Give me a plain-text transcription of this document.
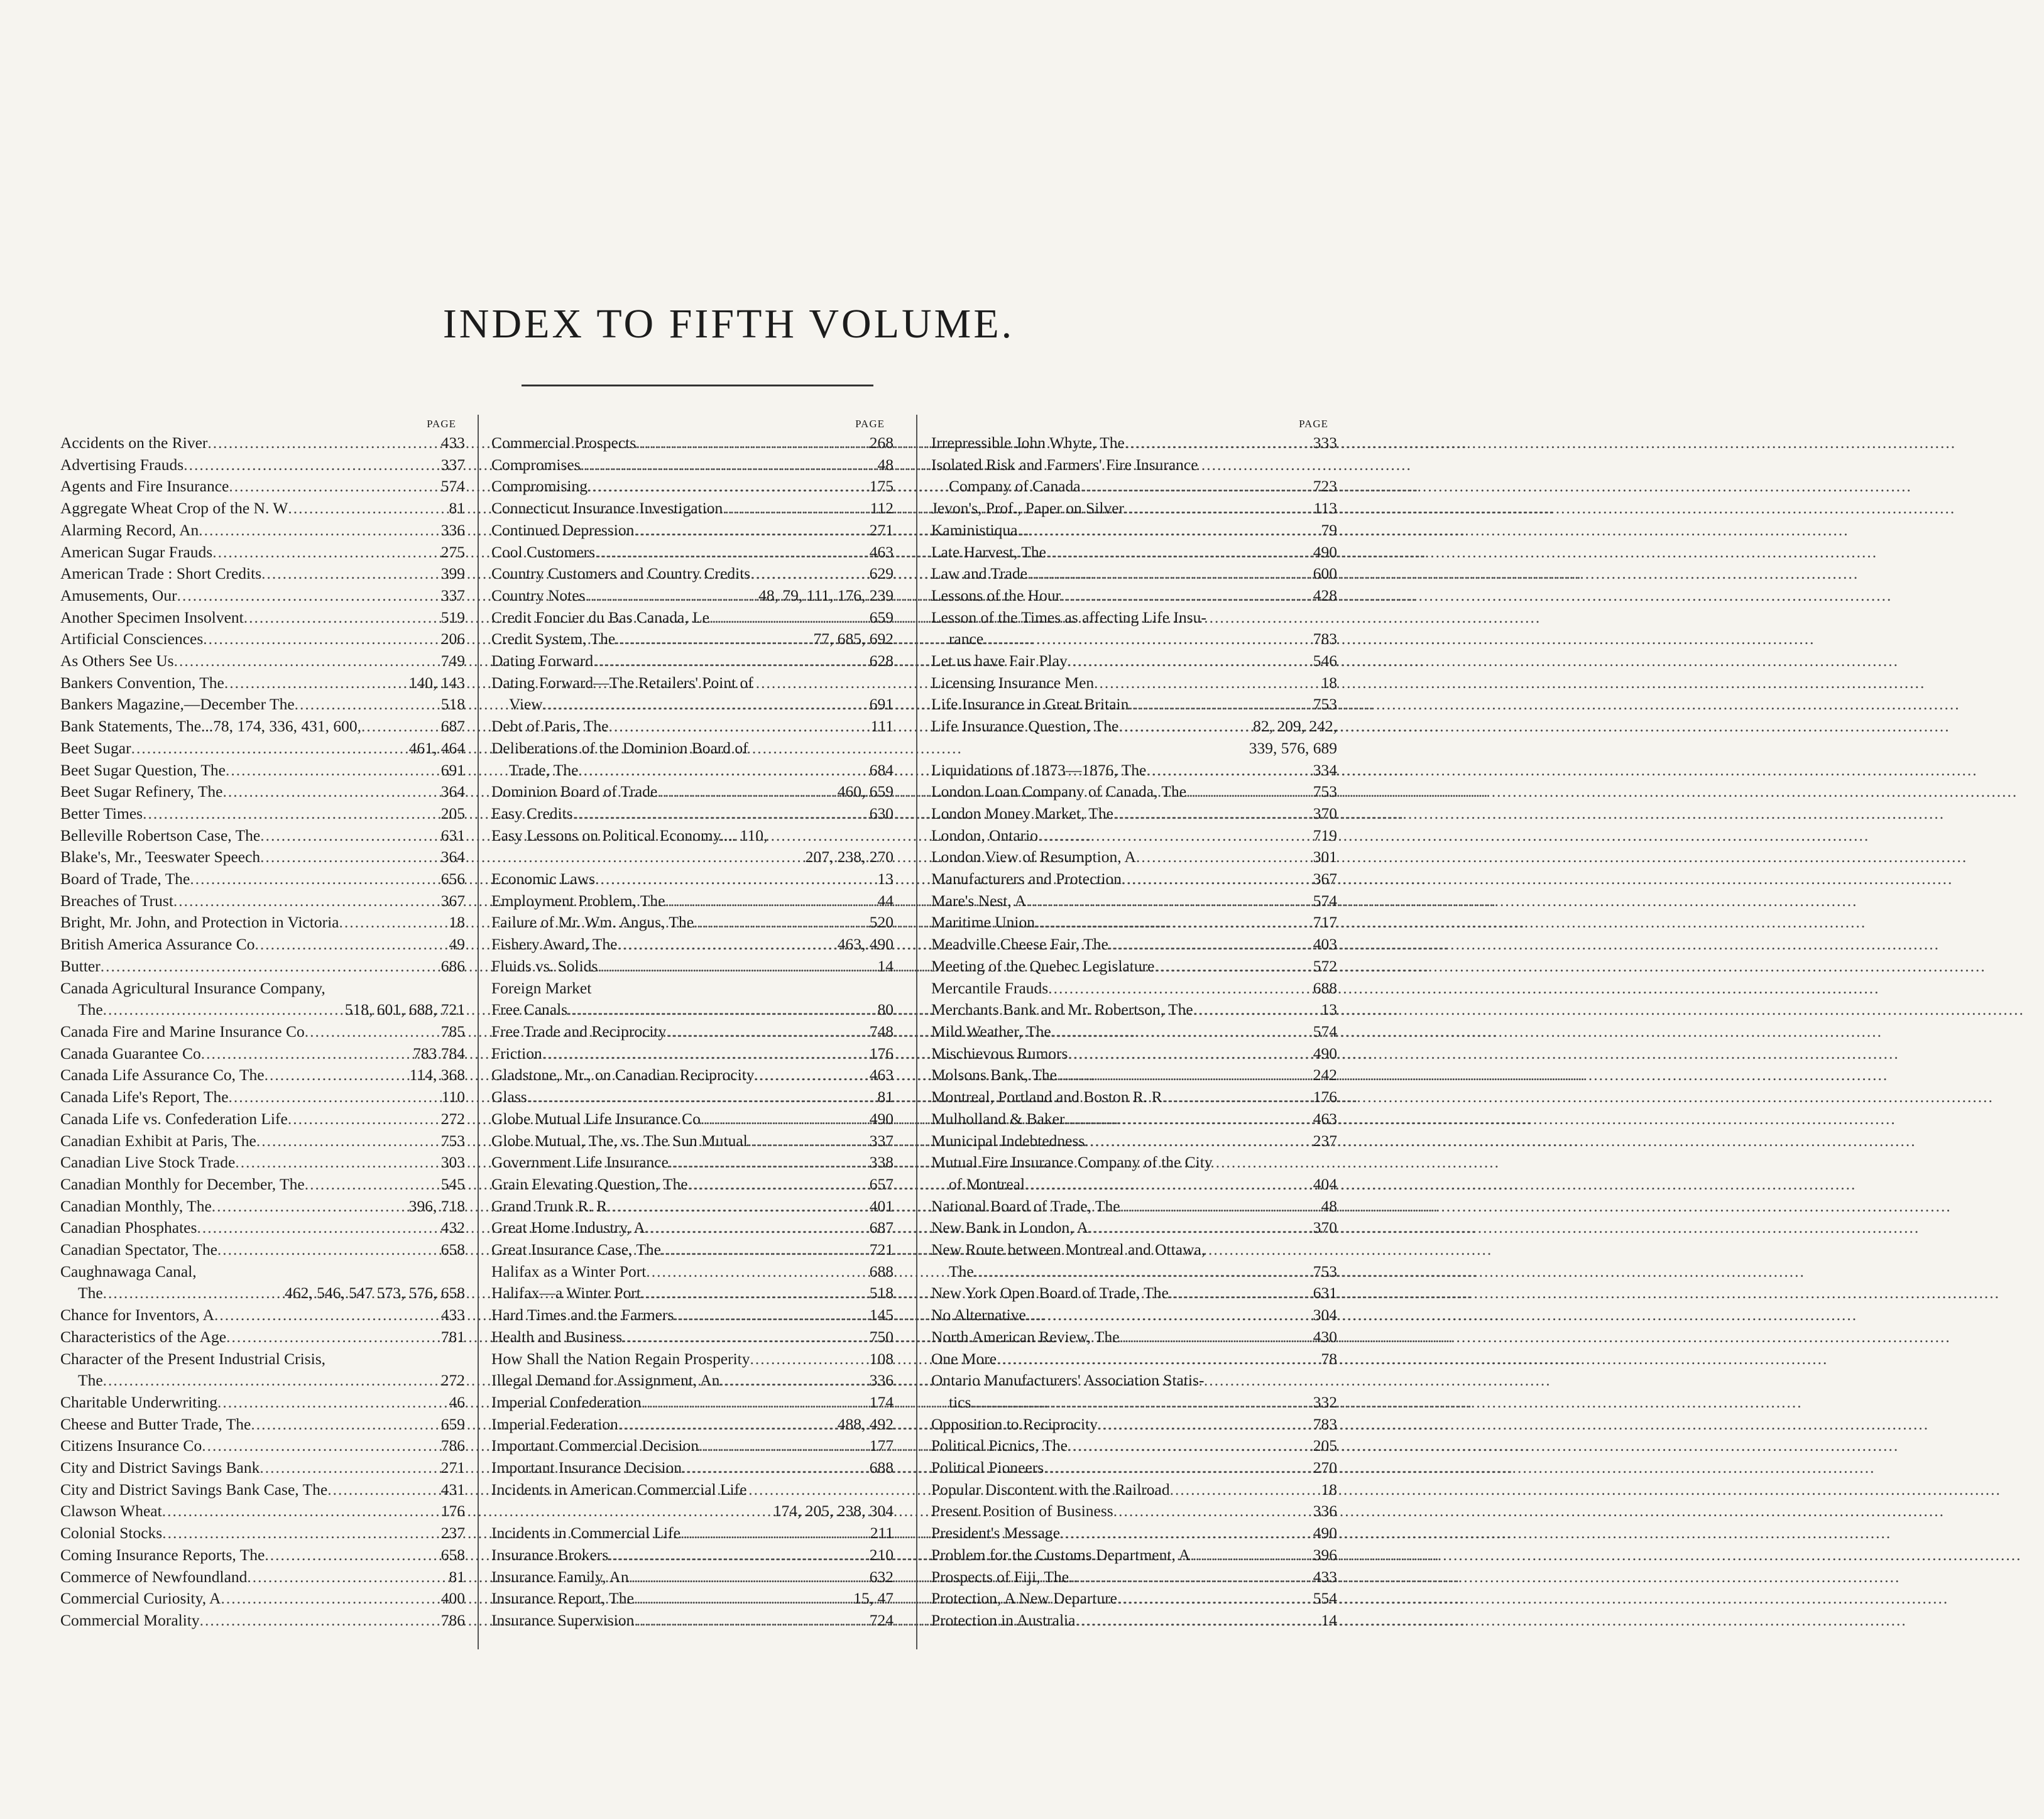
INDEX TO FIFTH VOLUME.
PAGE
Accidents on the River .....	433
Advertising Frauds .....	337
Agents and Fire Insurance .....	574
Aggregate Wheat Crop of the N. W .....	81
Alarming Record, An .....	336
American Sugar Frauds .....	275
American Trade : Short Credits .....	399
Amusements, Our .....	337
Another Specimen Insolvent .....	519
Artificial Consciences .....	206
As Others See Us .....	749
Bankers Convention, The .....	140, 143
Bankers Magazine,—December The .....	518
Bank Statements, The...78, 174, 336, 431, 600, .....	687
Beet Sugar .....	461, 464
Beet Sugar Question, The .....	691
Beet Sugar Refinery, The .....	364
Better Times .....	205
Belleville Robertson Case, The .....	631
Blake's, Mr., Teeswater Speech .....	364
Board of Trade, The .....	656
Breaches of Trust .....	367
Bright, Mr. John, and Protection in Victoria .....	18
British America Assurance Co .....	49
Butter .....	686
Canada Agricultural Insurance Company,
The .....	518, 601, 688, 721
Canada Fire and Marine Insurance Co .....	785
Canada Guarantee Co .....	783 784
Canada Life Assurance Co, The .....	114, 368
Canada Life's Report, The .....	110
Canada Life vs. Confederation Life .....	272
Canadian Exhibit at Paris, The .....	753
Canadian Live Stock Trade .....	303
Canadian Monthly for December, The .....	545
Canadian Monthly, The .....	396, 718
Canadian Phosphates .....	432
Canadian Spectator, The .....	658
Caughnawaga Canal,
The .....	462, 546, 547 573, 576, 658
Chance for Inventors, A .....	433
Characteristics of the Age .....	781
Character of the Present Industrial Crisis,
The .....	272
Charitable Underwriting .....	46
Cheese and Butter Trade, The .....	659
Citizens Insurance Co .....	786
City and District Savings Bank .....	271
City and District Savings Bank Case, The .....	431
Clawson Wheat .....	176
Colonial Stocks .....	237
Coming Insurance Reports, The .....	658
Commerce of Newfoundland .....	81
Commercial Curiosity, A .....	400
Commercial Morality .....	786
PAGE
Commercial Prospects .....	268
Compromises .....	48
Compromising .....	175
Connecticut Insurance Investigation .....	112
Continued Depression .....	271
Cool Customers .....	463
Country Customers and Country Credits .....	629
Country Notes .....	48, 79, 111, 176, 239
Credit Foncier du Bas Canada, Le .....	659
Credit System, The .....	77, 685, 692
Dating Forward .....	628
Dating Forward—The Retailers' Point of
View .....	691
Debt of Paris, The .....	111
Deliberations of the Dominion Board of
Trade, The .....	684
Dominion Board of Trade .....	460, 659
Easy Credits .....	630
Easy Lessons on Political Economy.... 110,
207, 238, 270
Economic Laws .....	13
Employment Problem, The .....	44
Failure of Mr. Wm. Angus, The .....	520
Fishery Award, The .....	463, 490
Fluids vs. Solids .....	14
Foreign Market
Free Canals .....	80
Free Trade and Reciprocity .....	748
Friction .....	176
Gladstone, Mr., on Canadian Reciprocity .....	463
Glass .....	81
Globe Mutual Life Insurance Co .....	490
Globe Mutual, The, vs. The Sun Mutual .....	337
Government Life Insurance .....	338
Grain Elevating Question, The .....	657
Grand Trunk R. R .....	401
Great Home Industry, A .....	687
Great Insurance Case, The .....	721
Halifax as a Winter Port .....	688
Halifax—a Winter Port .....	518
Hard Times and the Farmers .....	145
Health and Business .....	750
How Shall the Nation Regain Prosperity .....	108
Illegal Demand for Assignment, An .....	336
Imperial Confederation .....	174
Imperial Federation .....	488, 492
Important Commercial Decision .....	177
Important Insurance Decision .....	688
Incidents in American Commercial Life
174, 205, 238, 304
Incidents in Commercial Life .....	211
Insurance Brokers .....	210
Insurance Family, An .....	632
Insurance Report, The .....	15, 47
Insurance Supervision .....	724
PAGE
Irrepressible John Whyte, The .....	333
Isolated Risk and Farmers' Fire Insurance
Company of Canada .....	723
Jevon's, Prof., Paper on Silver .....	113
Kaministiqua .....	79
Late Harvest, The .....	490
Law and Trade .....	600
Lessons of the Hour .....	428
Lesson of the Times as affecting Life Insu-
rance .....	783
Let us have Fair Play .....	546
Licensing Insurance Men .....	18
Life Insurance in Great Britain .....	753
Life Insurance Question, The .....	82, 209, 242,
339, 576, 689
Liquidations of 1873—1876, The .....	334
London Loan Company of Canada, The .....	753
London Money Market, The .....	370
London, Ontario .....	719
London View of Resumption, A .....	301
Manufacturers and Protection .....	367
Mare's Nest, A .....	574
Maritime Union .....	717
Meadville Cheese Fair, The .....	403
Meeting of the Quebec Legislature .....	572
Mercantile Frauds .....	688
Merchants Bank and Mr. Robertson, The .....	13
Mild Weather, The .....	574
Mischievous Rumors .....	490
Molsons Bank, The .....	242
Montreal, Portland and Boston R. R .....	176
Mulholland & Baker .....	463
Municipal Indebtedness .....	237
Mutual Fire Insurance Company of the City
of Montreal .....	404
National Board of Trade, The .....	48
New Bank in London, A .....	370
New Route between Montreal and Ottawa,
The .....	753
New York Open Board of Trade, The .....	631
No Alternative .....	304
North American Review, The .....	430
One More .....	78
Ontario Manufacturers' Association Statis-
tics .....	332
Opposition to Reciprocity .....	783
Political Picnics, The .....	205
Political Pioneers .....	270
Popular Discontent with the Railroad .....	18
Present Position of Business .....	336
President's Message .....	490
Problem for the Customs Department, A .....	396
Prospects of Fiji, The .....	433
Protection, A New Departure .....	554
Protection in Australia .....	14
